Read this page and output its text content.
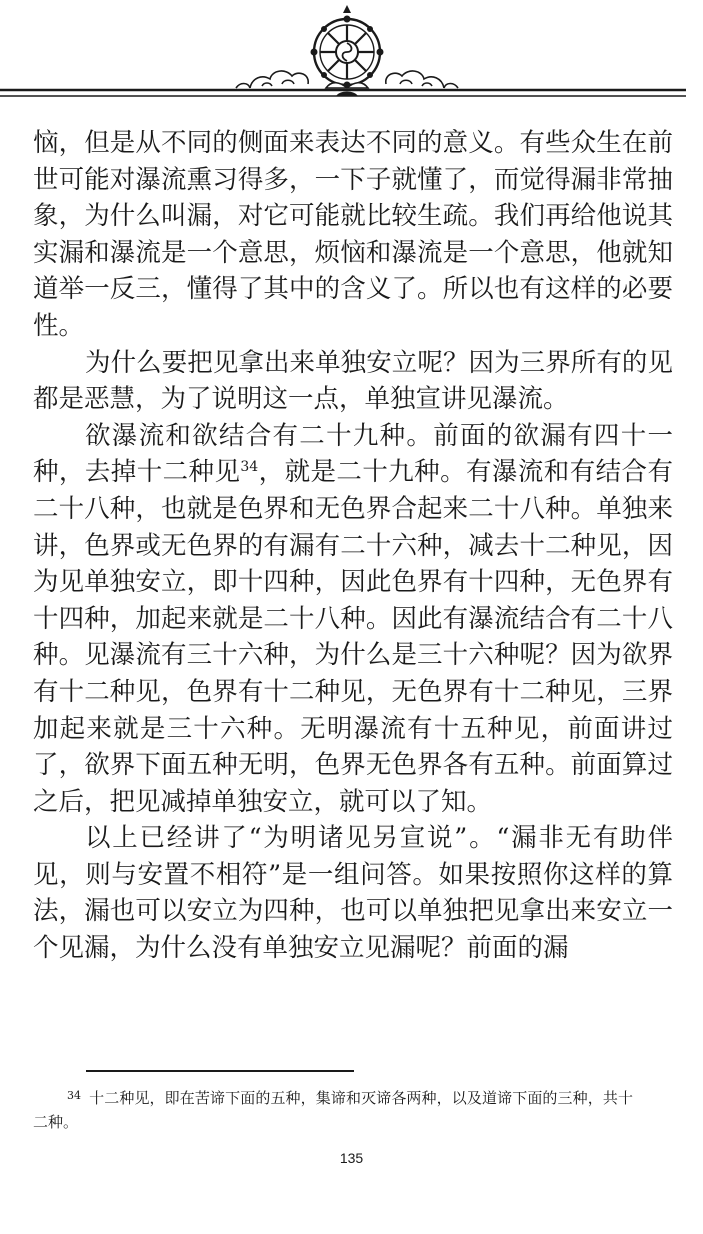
恼，但是从不同的侧面来表达不同的意义。有些众生在前世可能对瀑流熏习得多，一下子就懂了，而觉得漏非常抽象，为什么叫漏，对它可能就比较生疏。我们再给他说其实漏和瀑流是一个意思，烦恼和瀑流是一个意思，他就知道举一反三，懂得了其中的含义了。所以也有这样的必要性。

为什么要把见拿出来单独安立呢？因为三界所有的见都是恶慧，为了说明这一点，单独宣讲见瀑流。

欲瀑流和欲结合有二十九种。前面的欲漏有四十一种，去掉十二种见$^{34}$，就是二十九种。有瀑流和有结合有二十八种，也就是色界和无色界合起来二十八种。单独来讲，色界或无色界的有漏有二十六种，减去十二种见，因为见单独安立，即十四种，因此色界有十四种，无色界有十四种，加起来就是二十八种。因此有瀑流结合有二十八种。见瀑流有三十六种，为什么是三十六种呢？因为欲界有十二种见，色界有十二种见，无色界有十二种见，三界加起来就是三十六种。无明瀑流有十五种见，前面讲过了，欲界下面五种无明，色界无色界各有五种。前面算过之后，把见减掉单独安立，就可以了知。

以上已经讲了“为明诸见另宣说”。“漏非无有助伴见，则与安置不相符”是一组问答。如果按照你这样的算法，漏也可以安立为四种，也可以单独把见拿出来安立一个见漏，为什么没有单独安立见漏呢？前面的漏

$^{34}$ 十二种见，即在苦谛下面的五种，集谛和灭谛各两种，以及道谛下面的三种，共十二种。
135
